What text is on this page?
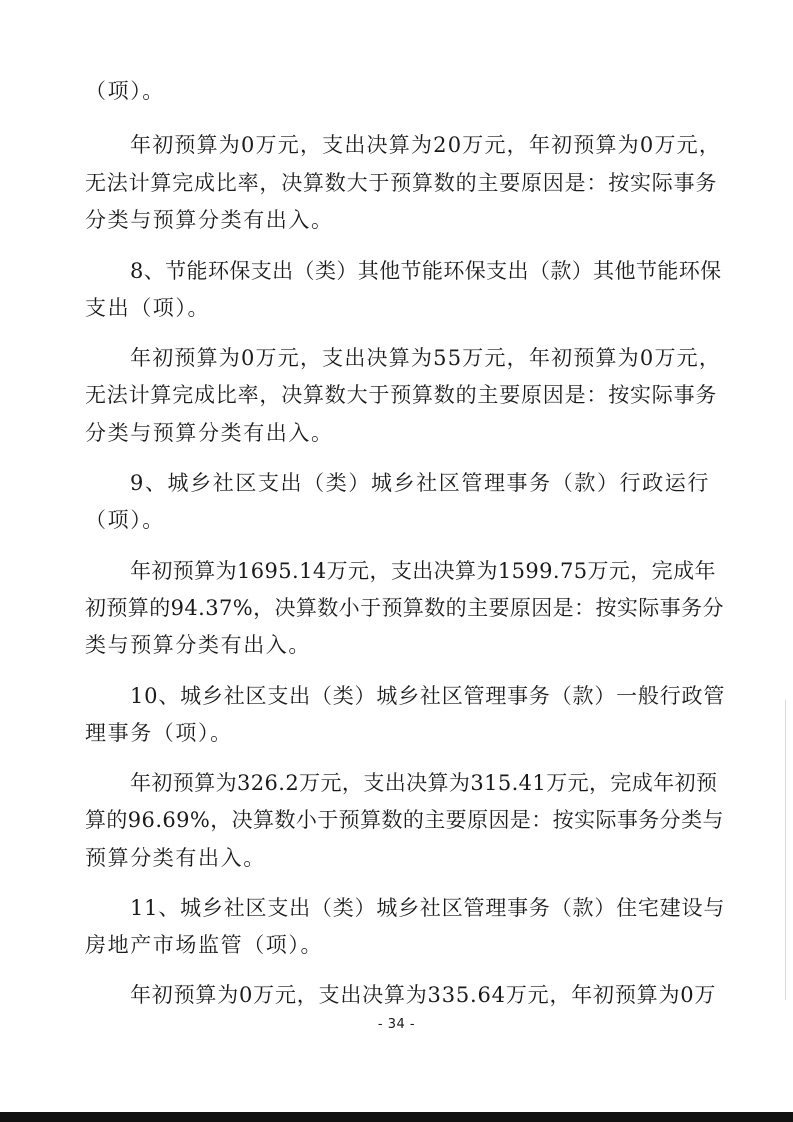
（项）。
年初预算为0万元，支出决算为20万元，年初预算为0万元，
无法计算完成比率，决算数大于预算数的主要原因是：按实际事务
分类与预算分类有出入。
8、节能环保支出（类）其他节能环保支出（款）其他节能环保
支出（项）。
年初预算为0万元，支出决算为55万元，年初预算为0万元，
无法计算完成比率，决算数大于预算数的主要原因是：按实际事务
分类与预算分类有出入。
9、城乡社区支出（类）城乡社区管理事务（款）行政运行
（项）。
年初预算为1695.14万元，支出决算为1599.75万元，完成年
初预算的94.37%，决算数小于预算数的主要原因是：按实际事务分
类与预算分类有出入。
10、城乡社区支出（类）城乡社区管理事务（款）一般行政管
理事务（项）。
年初预算为326.2万元，支出决算为315.41万元，完成年初预
算的96.69%，决算数小于预算数的主要原因是：按实际事务分类与
预算分类有出入。
11、城乡社区支出（类）城乡社区管理事务（款）住宅建设与
房地产市场监管（项）。
年初预算为0万元，支出决算为335.64万元，年初预算为0万
- 34 -
